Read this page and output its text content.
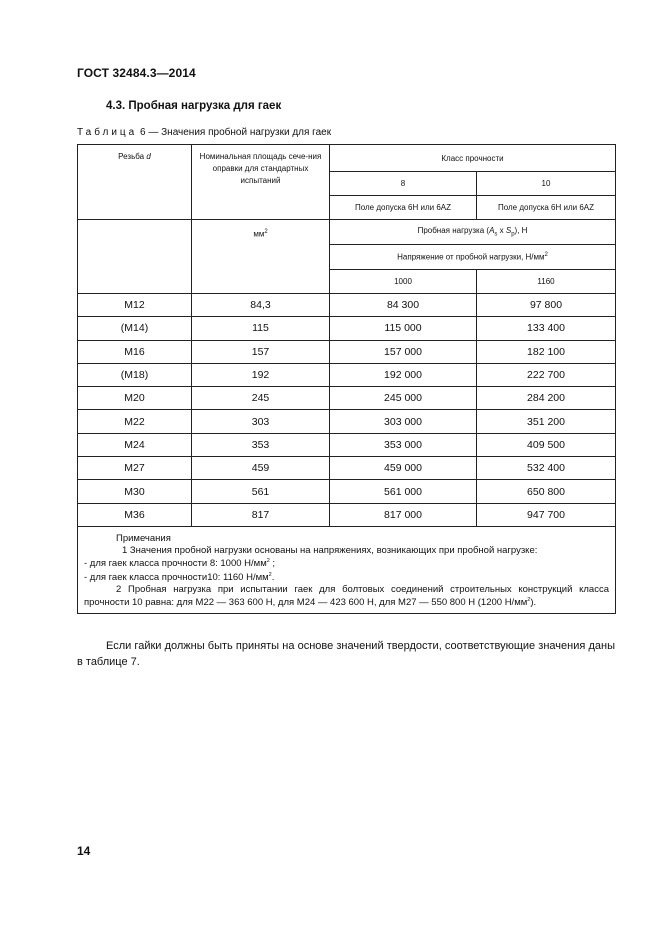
ГОСТ 32484.3—2014
4.3. Пробная нагрузка для гаек
Таблица 6 — Значения пробной нагрузки для гаек
Резьба d	Номинальная площадь сече-ния оправки для стандартных испытаний	Класс прочности	
		8	10
		Поле допуска 6H или 6AZ	Поле допуска 6H или 6AZ
	$мм^2$	Пробная нагрузка ($A_s$ x $S_p$), Н	
		Напряжение от пробной нагрузки, $Н/мм^2$
		1000	1160
M12	84,3	84 300	97 800
(M14)	115	115 000	133 400
M16	157	157 000	182 100
(M18)	192	192 000	222 700
M20	245	245 000	284 200
M22	303	303 000	351 200
M24	353	353 000	409 500
M27	459	459 000	532 400
M30	561	561 000	650 800
M36	817	817 000	947 700

Примечания

1 Значения пробной нагрузки основаны на напряжениях, возникающих при пробной нагрузке:

- для гаек класса прочности 8: 1000 $Н/мм^2$ ;

- для гаек класса прочности10: 1160 $Н/мм^2$.

2 Пробная нагрузка при испытании гаек для болтовых соединений строительных конструкций класса прочности 10 равна: для М22 — 363 600 Н, для М24 — 423 600 Н, для М27 — 550 800 Н (1200 $Н/мм^2$).			

Если гайки должны быть приняты на основе значений твердости, соответствующие значения даны в таблице 7.
14
